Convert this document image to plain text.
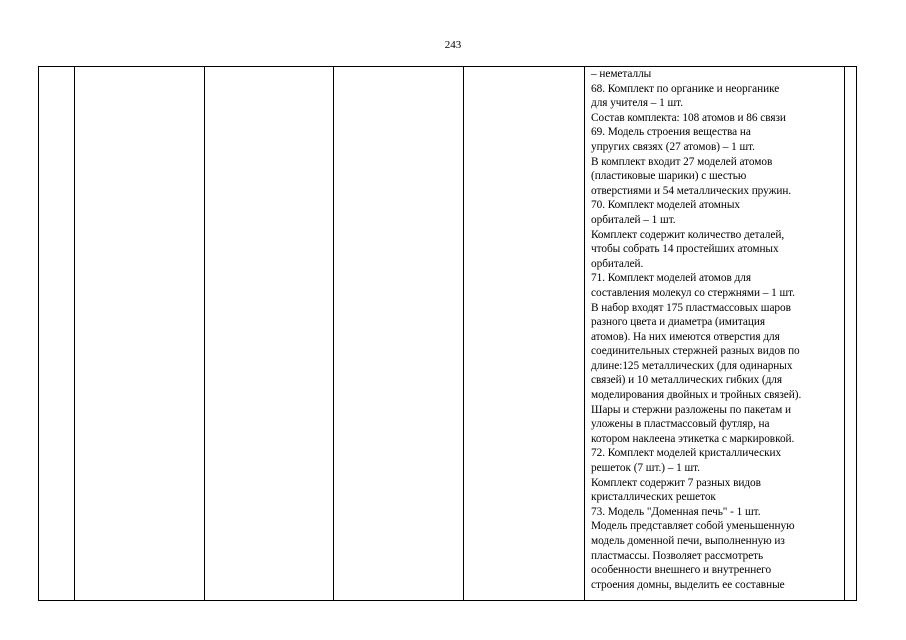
243

– неметаллы
68. Комплект по органике и неорганике
для учителя – 1 шт.
Состав комплекта: 108 атомов и 86 связи
69. Модель строения вещества на
упругих связях (27 атомов) – 1 шт.
В комплект входит 27 моделей атомов
(пластиковые шарики) с шестью
отверстиями и 54 металлических пружин.
70. Комплект моделей атомных
орбиталей – 1 шт.
Комплект содержит количество деталей,
чтобы собрать 14 простейших атомных
орбиталей.
71. Комплект моделей атомов для
составления молекул со стержнями – 1 шт.
В набор входят 175 пластмассовых шаров
разного цвета и диаметра (имитация
атомов). На них имеются отверстия для
соединительных стержней разных видов по
длине:125 металлических (для одинарных
связей) и 10 металлических гибких (для
моделирования двойных и тройных связей).
Шары и стержни разложены по пакетам и
уложены в пластмассовый футляр, на
котором наклеена этикетка с маркировкой.
72. Комплект моделей кристаллических
решеток (7 шт.) – 1 шт.
Комплект содержит 7 разных видов
кристаллических решеток
73. Модель "Доменная печь" - 1 шт.
Модель представляет собой уменьшенную
модель доменной печи, выполненную из
пластмассы. Позволяет рассмотреть
особенности внешнего и внутреннего
строения домны, выделить ее составные
